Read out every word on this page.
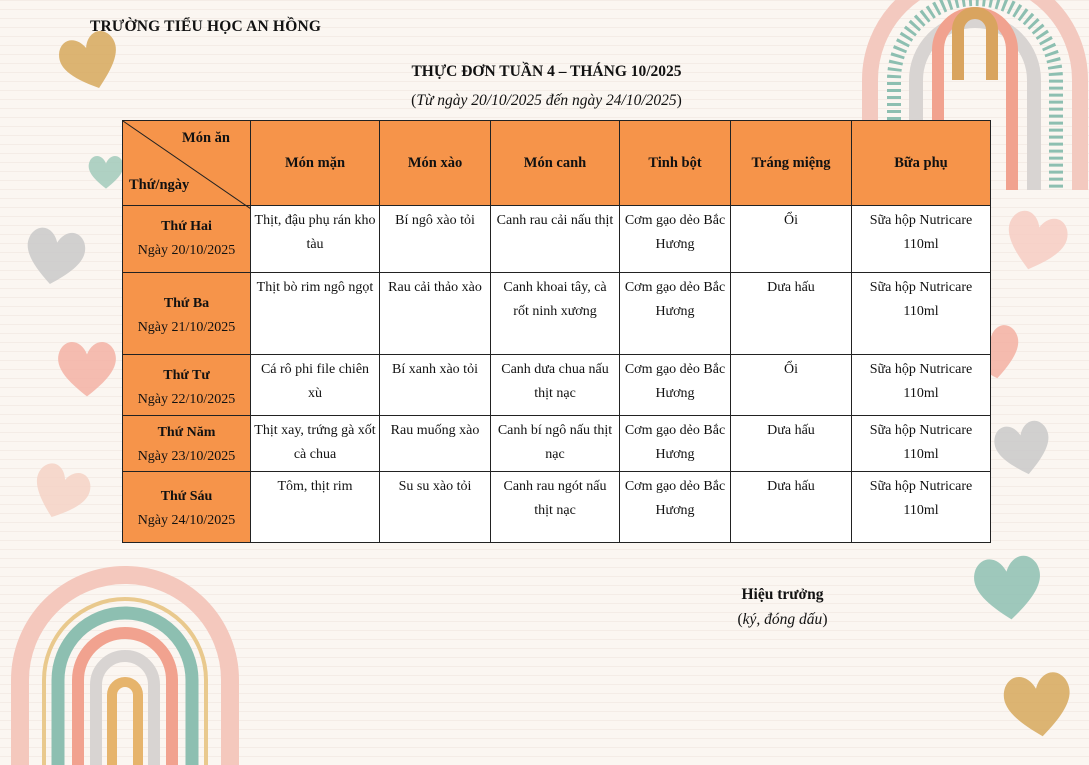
TRƯỜNG TIỂU HỌC AN HỒNG
THỰC ĐƠN TUẦN 4 – THÁNG 10/2025
(Từ ngày 20/10/2025 đến ngày 24/10/2025)
Món ăn
Thứ/ngày	Món mặn	Món xào	Món canh	Tinh bột	Tráng miệng	Bữa phụ

Thứ Hai
Ngày 20/10/2025	Thịt, đậu phụ rán kho tàu	Bí ngô xào tỏi	Canh rau cải nấu thịt	Cơm gạo dẻo Bắc Hương	Ổi	Sữa hộp Nutricare 110ml

Thứ Ba
Ngày 21/10/2025	Thịt bò rim ngô ngọt	Rau cải thảo xào	Canh khoai tây, cà rốt ninh xương	Cơm gạo dẻo Bắc Hương	Dưa hấu	Sữa hộp Nutricare 110ml

Thứ Tư
Ngày 22/10/2025	Cá rô phi file chiên xù	Bí xanh xào tỏi	Canh dưa chua nấu thịt nạc	Cơm gạo dẻo Bắc Hương	Ổi	Sữa hộp Nutricare 110ml

Thứ Năm
Ngày 23/10/2025	Thịt xay, trứng gà xốt cà chua	Rau muống xào	Canh bí ngô nấu thịt nạc	Cơm gạo dẻo Bắc Hương	Dưa hấu	Sữa hộp Nutricare 110ml

Thứ Sáu
Ngày 24/10/2025	Tôm, thịt rim	Su su xào tỏi	Canh rau ngót nấu thịt nạc	Cơm gạo dẻo Bắc Hương	Dưa hấu	Sữa hộp Nutricare 110ml
Hiệu trưởng
(ký, đóng dấu)
